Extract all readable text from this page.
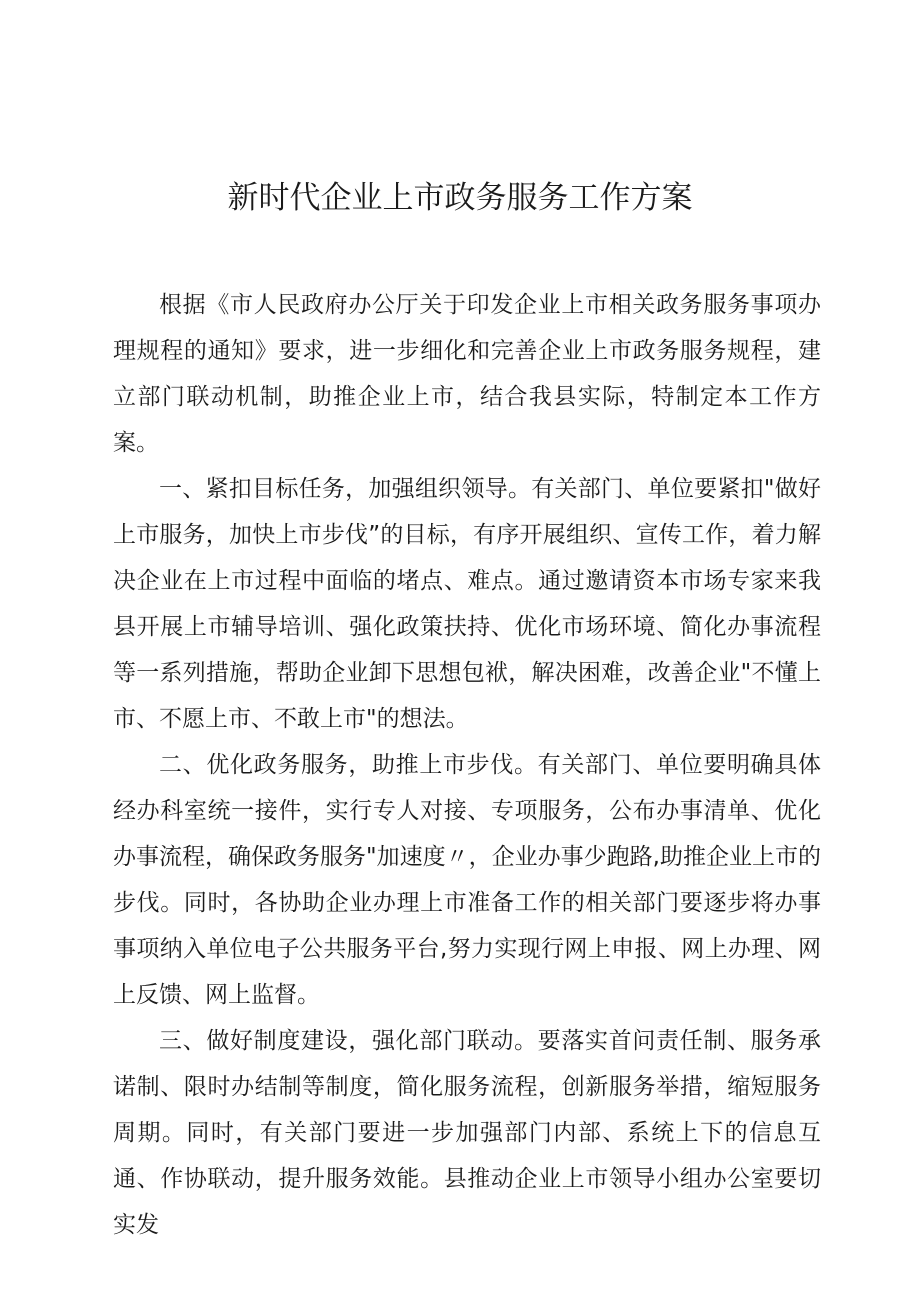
新时代企业上市政务服务工作方案

根据《市人民政府办公厅关于印发企业上市相关政务服务事项办理规程的通知》要求，进一步细化和完善企业上市政务服务规程，建立部门联动机制，助推企业上市，结合我县实际，特制定本工作方案。

一、紧扣目标任务，加强组织领导。有关部门、单位要紧扣"做好上市服务，加快上市步伐”的目标，有序开展组织、宣传工作，着力解决企业在上市过程中面临的堵点、难点。通过邀请资本市场专家来我县开展上市辅导培训、强化政策扶持、优化市场环境、简化办事流程等一系列措施，帮助企业卸下思想包袱，解决困难，改善企业"不懂上市、不愿上市、不敢上市"的想法。

二、优化政务服务，助推上市步伐。有关部门、单位要明确具体经办科室统一接件，实行专人对接、专项服务，公布办事清单、优化办事流程，确保政务服务"加速度〃，企业办事少跑路,助推企业上市的步伐。同时，各协助企业办理上市准备工作的相关部门要逐步将办事事项纳入单位电子公共服务平台,努力实现行网上申报、网上办理、网上反馈、网上监督。

三、做好制度建设，强化部门联动。要落实首问责任制、服务承诺制、限时办结制等制度，简化服务流程，创新服务举措，缩短服务周期。同时，有关部门要进一步加强部门内部、系统上下的信息互通、作协联动，提升服务效能。县推动企业上市领导小组办公室要切实发
